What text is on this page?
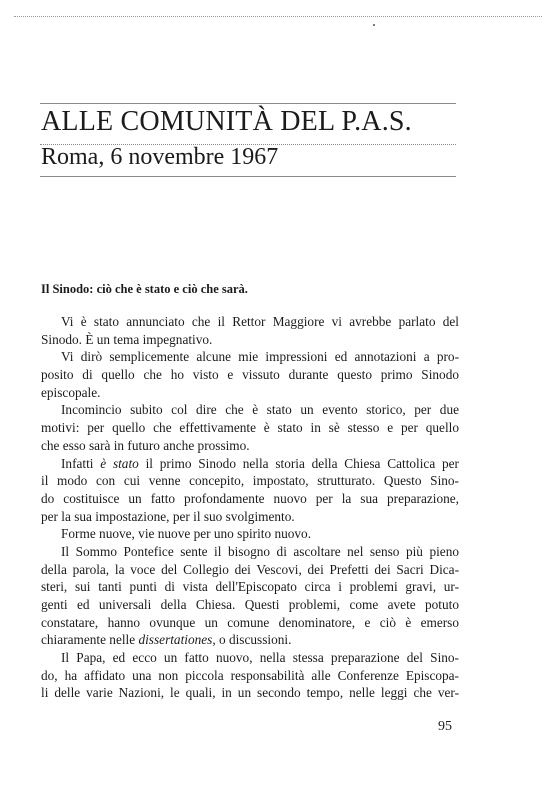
ALLE COMUNITÀ DEL P.A.S.
Roma, 6 novembre 1967
Il Sinodo: ciò che è stato e ciò che sarà.
Vi è stato annunciato che il Rettor Maggiore vi avrebbe parlato del
Sinodo. È un tema impegnativo.
Vi dirò semplicemente alcune mie impressioni ed annotazioni a pro-
posito di quello che ho visto e vissuto durante questo primo Sinodo
episcopale.
Incomincio subito col dire che è stato un evento storico, per due
motivi: per quello che effettivamente è stato in sè stesso e per quello
che esso sarà in futuro anche prossimo.
Infatti è stato il primo Sinodo nella storia della Chiesa Cattolica per
il modo con cui venne concepito, impostato, strutturato. Questo Sino-
do costituisce un fatto profondamente nuovo per la sua preparazione,
per la sua impostazione, per il suo svolgimento.
Forme nuove, vie nuove per uno spirito nuovo.
Il Sommo Pontefice sente il bisogno di ascoltare nel senso più pieno
della parola, la voce del Collegio dei Vescovi, dei Prefetti dei Sacri Dica-
steri, sui tanti punti di vista dell'Episcopato circa i problemi gravi, ur-
genti ed universali della Chiesa. Questi problemi, come avete potuto
constatare, hanno ovunque un comune denominatore, e ciò è emerso
chiaramente nelle dissertationes, o discussioni.
Il Papa, ed ecco un fatto nuovo, nella stessa preparazione del Sino-
do, ha affidato una non piccola responsabilità alle Conferenze Episcopa-
li delle varie Nazioni, le quali, in un secondo tempo, nelle leggi che ver-
95
